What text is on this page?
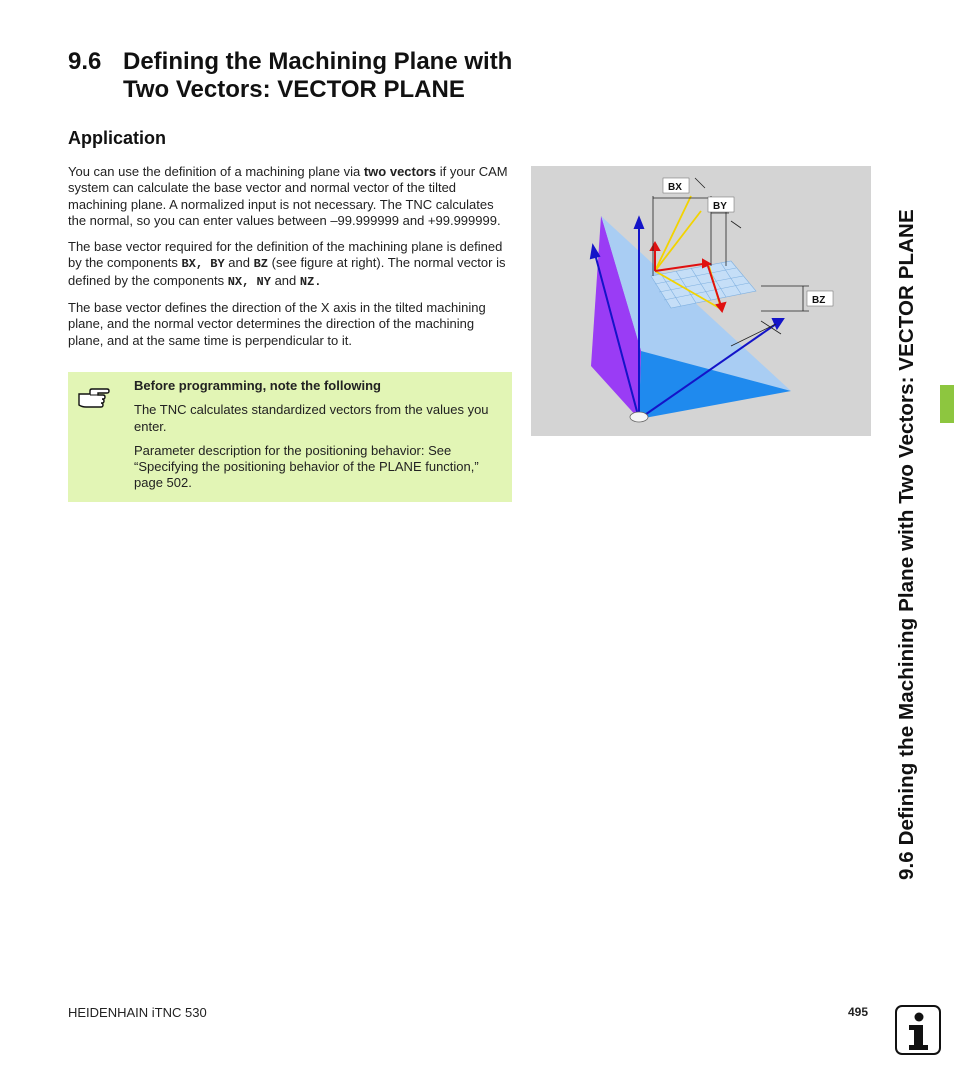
9.6 Defining the Machining Plane with
Two Vectors: VECTOR PLANE
Application

You can use the definition of a machining plane via two vectors if your CAM system can calculate the base vector and normal vector of the tilted machining plane. A normalized input is not necessary. The TNC calculates the normal, so you can enter values between –99.999999 and +99.999999.

The base vector required for the definition of the machining plane is defined by the components BX, BY and BZ (see figure at right). The normal vector is defined by the components NX, NY and NZ.

The base vector defines the direction of the X axis in the tilted machining plane, and the normal vector determines the direction of the machining plane, and at the same time is perpendicular to it.

Before programming, note the following

The TNC calculates standardized vectors from the values you enter.

Parameter description for the positioning behavior: See “Specifying the positioning behavior of the PLANE function,” page 502.

BX
BY
BZ	9.6 Defining the Machining Plane with Two Vectors: VECTOR PLANE
HEIDENHAIN iTNC 530	495
